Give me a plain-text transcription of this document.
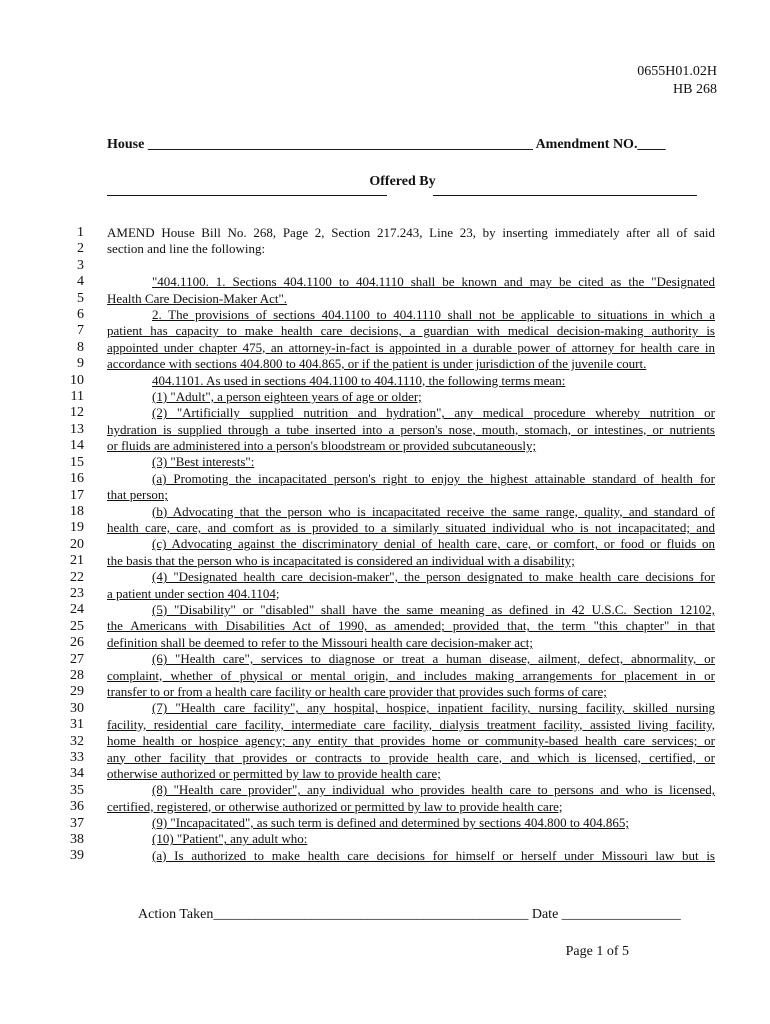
0655H01.02H
HB 268
House _______________________________________________________ Amendment NO.____
Offered By
1
2
3
4
5
6
7
8
9
10
11
12
13
14
15
16
17
18
19
20
21
22
23
24
25
26
27
28
29
30
31
32
33
34
35
36
37
38
39
AMEND House Bill No. 268, Page 2, Section 217.243, Line 23, by inserting immediately after all of said
section and line the following:
"404.1100. 1. Sections 404.1100 to 404.1110 shall be known and may be cited as the "Designated
Health Care Decision-Maker Act".
2. The provisions of sections 404.1100 to 404.1110 shall not be applicable to situations in which a
patient has capacity to make health care decisions, a guardian with medical decision-making authority is
appointed under chapter 475, an attorney-in-fact is appointed in a durable power of attorney for health care in
accordance with sections 404.800 to 404.865, or if the patient is under jurisdiction of the juvenile court.
404.1101. As used in sections 404.1100 to 404.1110, the following terms mean:
(1) "Adult", a person eighteen years of age or older;
(2) "Artificially supplied nutrition and hydration", any medical procedure whereby nutrition or
hydration is supplied through a tube inserted into a person's nose, mouth, stomach, or intestines, or nutrients
or fluids are administered into a person's bloodstream or provided subcutaneously;
(3) "Best interests":
(a) Promoting the incapacitated person's right to enjoy the highest attainable standard of health for
that person;
(b) Advocating that the person who is incapacitated receive the same range, quality, and standard of
health care, care, and comfort as is provided to a similarly situated individual who is not incapacitated; and
(c) Advocating against the discriminatory denial of health care, care, or comfort, or food or fluids on
the basis that the person who is incapacitated is considered an individual with a disability;
(4) "Designated health care decision-maker", the person designated to make health care decisions for
a patient under section 404.1104;
(5) "Disability" or "disabled" shall have the same meaning as defined in 42 U.S.C. Section 12102,
the Americans with Disabilities Act of 1990, as amended; provided that, the term "this chapter" in that
definition shall be deemed to refer to the Missouri health care decision-maker act;
(6) "Health care", services to diagnose or treat a human disease, ailment, defect, abnormality, or
complaint, whether of physical or mental origin, and includes making arrangements for placement in or
transfer to or from a health care facility or health care provider that provides such forms of care;
(7) "Health care facility", any hospital, hospice, inpatient facility, nursing facility, skilled nursing
facility, residential care facility, intermediate care facility, dialysis treatment facility, assisted living facility,
home health or hospice agency; any entity that provides home or community-based health care services; or
any other facility that provides or contracts to provide health care, and which is licensed, certified, or
otherwise authorized or permitted by law to provide health care;
(8) "Health care provider", any individual who provides health care to persons and who is licensed,
certified, registered, or otherwise authorized or permitted by law to provide health care;
(9) "Incapacitated", as such term is defined and determined by sections 404.800 to 404.865;
(10) "Patient", any adult who:
(a) Is authorized to make health care decisions for himself or herself under Missouri law but is
Action Taken_____________________________________________ Date _________________
Page 1 of 5
